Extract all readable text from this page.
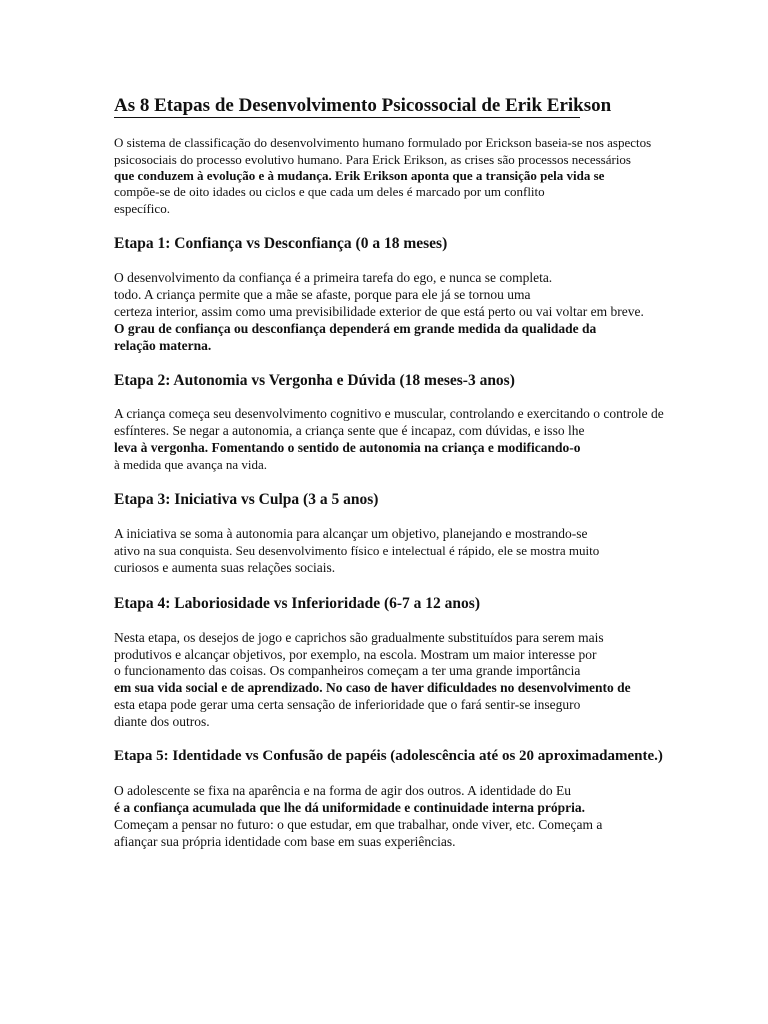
As 8 Etapas de Desenvolvimento Psicossocial de Erik Erikson
O sistema de classificação do desenvolvimento humano formulado por Erickson baseia-se nos aspectos
psicosociais do processo evolutivo humano. Para Erick Erikson, as crises são processos necessários
que conduzem à evolução e à mudança. Erik Erikson aponta que a transição pela vida se
compõe-se de oito idades ou ciclos e que cada um deles é marcado por um conflito
específico.
Etapa 1: Confiança vs Desconfiança (0 a 18 meses)
O desenvolvimento da confiança é a primeira tarefa do ego, e nunca se completa.
todo. A criança permite que a mãe se afaste, porque para ele já se tornou uma
certeza interior, assim como uma previsibilidade exterior de que está perto ou vai voltar em breve.
O grau de confiança ou desconfiança dependerá em grande medida da qualidade da
relação materna.
Etapa 2: Autonomia vs Vergonha e Dúvida (18 meses-3 anos)
A criança começa seu desenvolvimento cognitivo e muscular, controlando e exercitando o controle de
esfínteres. Se negar a autonomia, a criança sente que é incapaz, com dúvidas, e isso lhe
leva à vergonha. Fomentando o sentido de autonomia na criança e modificando-o
à medida que avança na vida.
Etapa 3: Iniciativa vs Culpa (3 a 5 anos)
A iniciativa se soma à autonomia para alcançar um objetivo, planejando e mostrando-se
ativo na sua conquista. Seu desenvolvimento físico e intelectual é rápido, ele se mostra muito
curiosos e aumenta suas relações sociais.
Etapa 4: Laboriosidade vs Inferioridade (6-7 a 12 anos)
Nesta etapa, os desejos de jogo e caprichos são gradualmente substituídos para serem mais
produtivos e alcançar objetivos, por exemplo, na escola. Mostram um maior interesse por
o funcionamento das coisas. Os companheiros começam a ter uma grande importância
em sua vida social e de aprendizado. No caso de haver dificuldades no desenvolvimento de
esta etapa pode gerar uma certa sensação de inferioridade que o fará sentir-se inseguro
diante dos outros.
Etapa 5: Identidade vs Confusão de papéis (adolescência até os 20 aproximadamente.)
O adolescente se fixa na aparência e na forma de agir dos outros. A identidade do Eu
é a confiança acumulada que lhe dá uniformidade e continuidade interna própria.
Começam a pensar no futuro: o que estudar, em que trabalhar, onde viver, etc. Começam a
afiançar sua própria identidade com base em suas experiências.
